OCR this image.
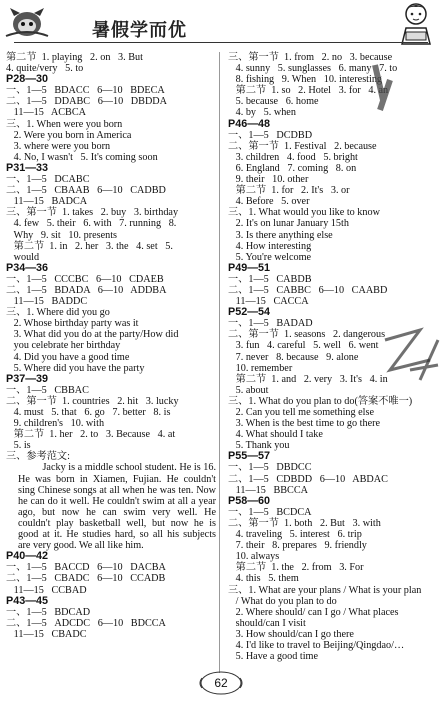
暑假学而优
第二节  1. playing   2. on   3. But
4. quite/very   5. to
P28—30
一、1—5   BDACC   6—10   BDECA
二、1—5   DDABC   6—10   DBDDA
11—15   ACBCA
三、1. When were you born
2. Were you born in America
3. where were you born
4. No, I wasn't   5. It's coming soon
P31—33
一、1—5   DCABC
二、1—5   CBAAB   6—10   CADBD
11—15   BADCA
三、第一节  1. takes   2. buy   3. birthday
4. few   5. their   6. with   7. running   8.
Why   9. sit   10. presents
第二节  1. in   2. her   3. the   4. set   5.
would
P34—36
一、1—5   CCCBC   6—10   CDAEB
二、1—5   BDADA   6—10   ADDBA
11—15   BADDC
三、1. Where did you go
2. Whose birthday party was it
3. What did you do at the party/How did
you celebrate her birthday
4. Did you have a good time
5. Where did you have the party
P37—39
一、1—5   CBBAC
二、第一节  1. countries   2. hit   3. lucky
4. must   5. that   6. go   7. better   8. is
9. children's   10. with
第二节  1. her   2. to   3. Because   4. at
5. is
三、参考范文:
Jacky is a middle school student. He is 16. He was born in Xiamen, Fujian. He couldn't sing Chinese songs at all when he was ten. Now he can do it well. He couldn't swim at all a year ago, but now he can swim very well. He couldn't play basketball well, but now he is good at it. He studies hard, so all his subjects are very good. We all like him.
P40—42
一、1—5   BACCD   6—10   DACBA
二、1—5   CBADC   6—10   CCADB
11—15   CCBAD
P43—45
一、1—5   BDCAD
二、1—5   ADCDC   6—10   BDCCA
11—15   CBADC
三、第一节  1. from   2. no   3. because
4. sunny   5. sunglasses   6. many   7. to
8. fishing   9. When   10. interesting
第二节  1. so   2. Hotel   3. for   4. an
5. because   6. home
4. by   5. when
P46—48
一、1—5   DCDBD
二、第一节  1. Festival   2. because
3. children   4. food   5. bright
6. England   7. coming   8. on
9. their   10. other
第二节  1. for   2. It's   3. or
4. Before   5. over
三、1. What would you like to know
2. It's on lunar January 15th
3. Is there anything else
4. How interesting
5. You're welcome
P49—51
一、1—5   CABDB
二、1—5   CABBC   6—10   CAABD
11—15   CACCA
P52—54
一、1—5   BADAD
二、第一节  1. seasons   2. dangerous
3. fun   4. careful   5. well   6. went
7. never   8. because   9. alone
10. remember
第二节  1. and   2. very   3. It's   4. in
5. about
三、1. What do you plan to do(答案不唯一)
2. Can you tell me something else
3. When is the best time to go there
4. What should I take
5. Thank you
P55—57
一、1—5   DBDCC
二、1—5   CDBDD   6—10   ABDAC
11—15   BBCCA
P58—60
一、1—5   BCDCA
二、第一节  1. both   2. But   3. with
4. traveling   5. interest   6. trip
7. their   8. prepares   9. friendly
10. always
第二节  1. the   2. from   3. For
4. this   5. them
三、1. What are your plans / What is your plan
/ What do you plan to do
2. Where should/ can I go / What places
should/can I visit
3. How should/can I go there
4. I'd like to travel to Beijing/Qingdao/…
5. Have a good time
62
